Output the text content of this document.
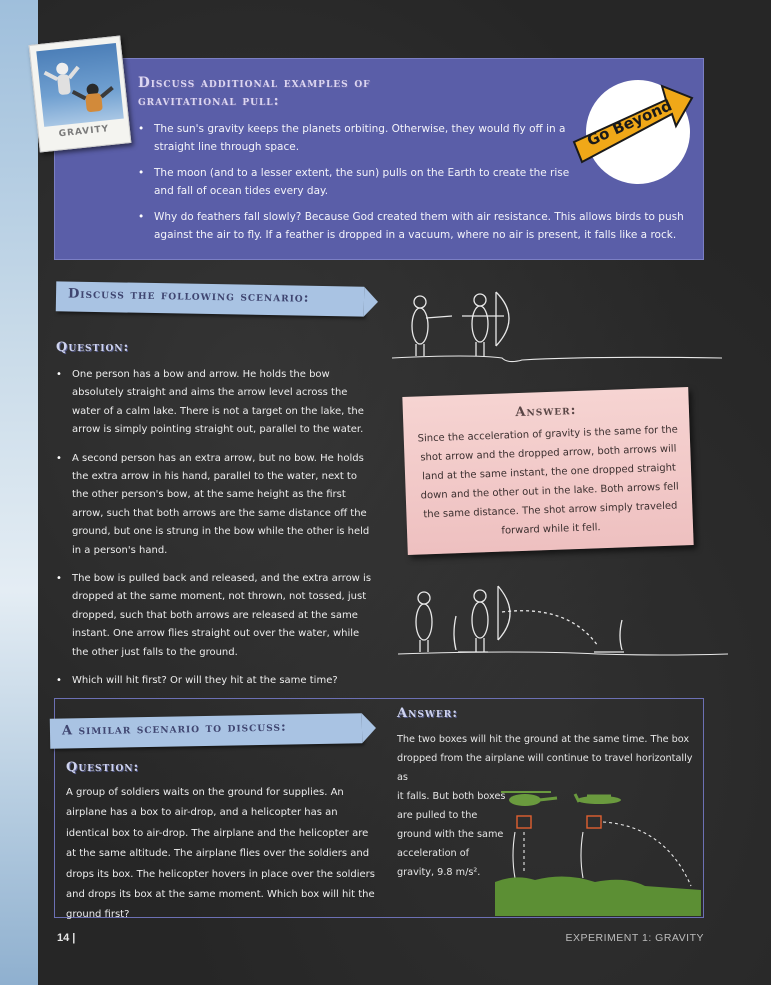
Discuss additional examples of gravitational pull:
• The sun's gravity keeps the planets orbiting. Otherwise, they would fly off in a straight line through space.
• The moon (and to a lesser extent, the sun) pulls on the Earth to create the rise and fall of ocean tides every day.
• Why do feathers fall slowly? Because God created them with air resistance. This allows birds to push against the air to fly. If a feather is dropped in a vacuum, where no air is present, it falls like a rock.
GRAVITY	Go Beyond
Discuss the following scenario:
Question:
• One person has a bow and arrow. He holds the bow absolutely straight and aims the arrow level across the water of a calm lake. There is not a target on the lake, the arrow is simply pointing straight out, parallel to the water.
• A second person has an extra arrow, but no bow. He holds the extra arrow in his hand, parallel to the water, next to the other person's bow, at the same height as the first arrow, such that both arrows are the same distance off the ground, but one is strung in the bow while the other is held in a person's hand.
• The bow is pulled back and released, and the extra arrow is dropped at the same moment, not thrown, not tossed, just dropped, such that both arrows are released at the same instant. One arrow flies straight out over the water, while the other just falls to the ground.
• Which will hit first? Or will they hit at the same time?
Answer:

Since the acceleration of gravity is the same for the shot arrow and the dropped arrow, both arrows will land at the same instant, the one dropped straight down and the other out in the lake. Both arrows fell the same distance. The shot arrow simply traveled forward while it fell.

A similar scenario to discuss:
Question:
A group of soldiers waits on the ground for supplies. An airplane has a box to air-drop, and a helicopter has an identical box to air-drop. The airplane and the helicopter are at the same altitude. The airplane flies over the soldiers and drops its box. The helicopter hovers in place over the soldiers and drops its box at the same moment. Which box will hit the ground first?
Answer:
The two boxes will hit the ground at the same time. The box dropped from the airplane will continue to travel horizontally as
it falls. But both boxes are pulled to the ground with the same acceleration of gravity, 9.8 m/s².
14 |	EXPERIMENT 1: GRAVITY
